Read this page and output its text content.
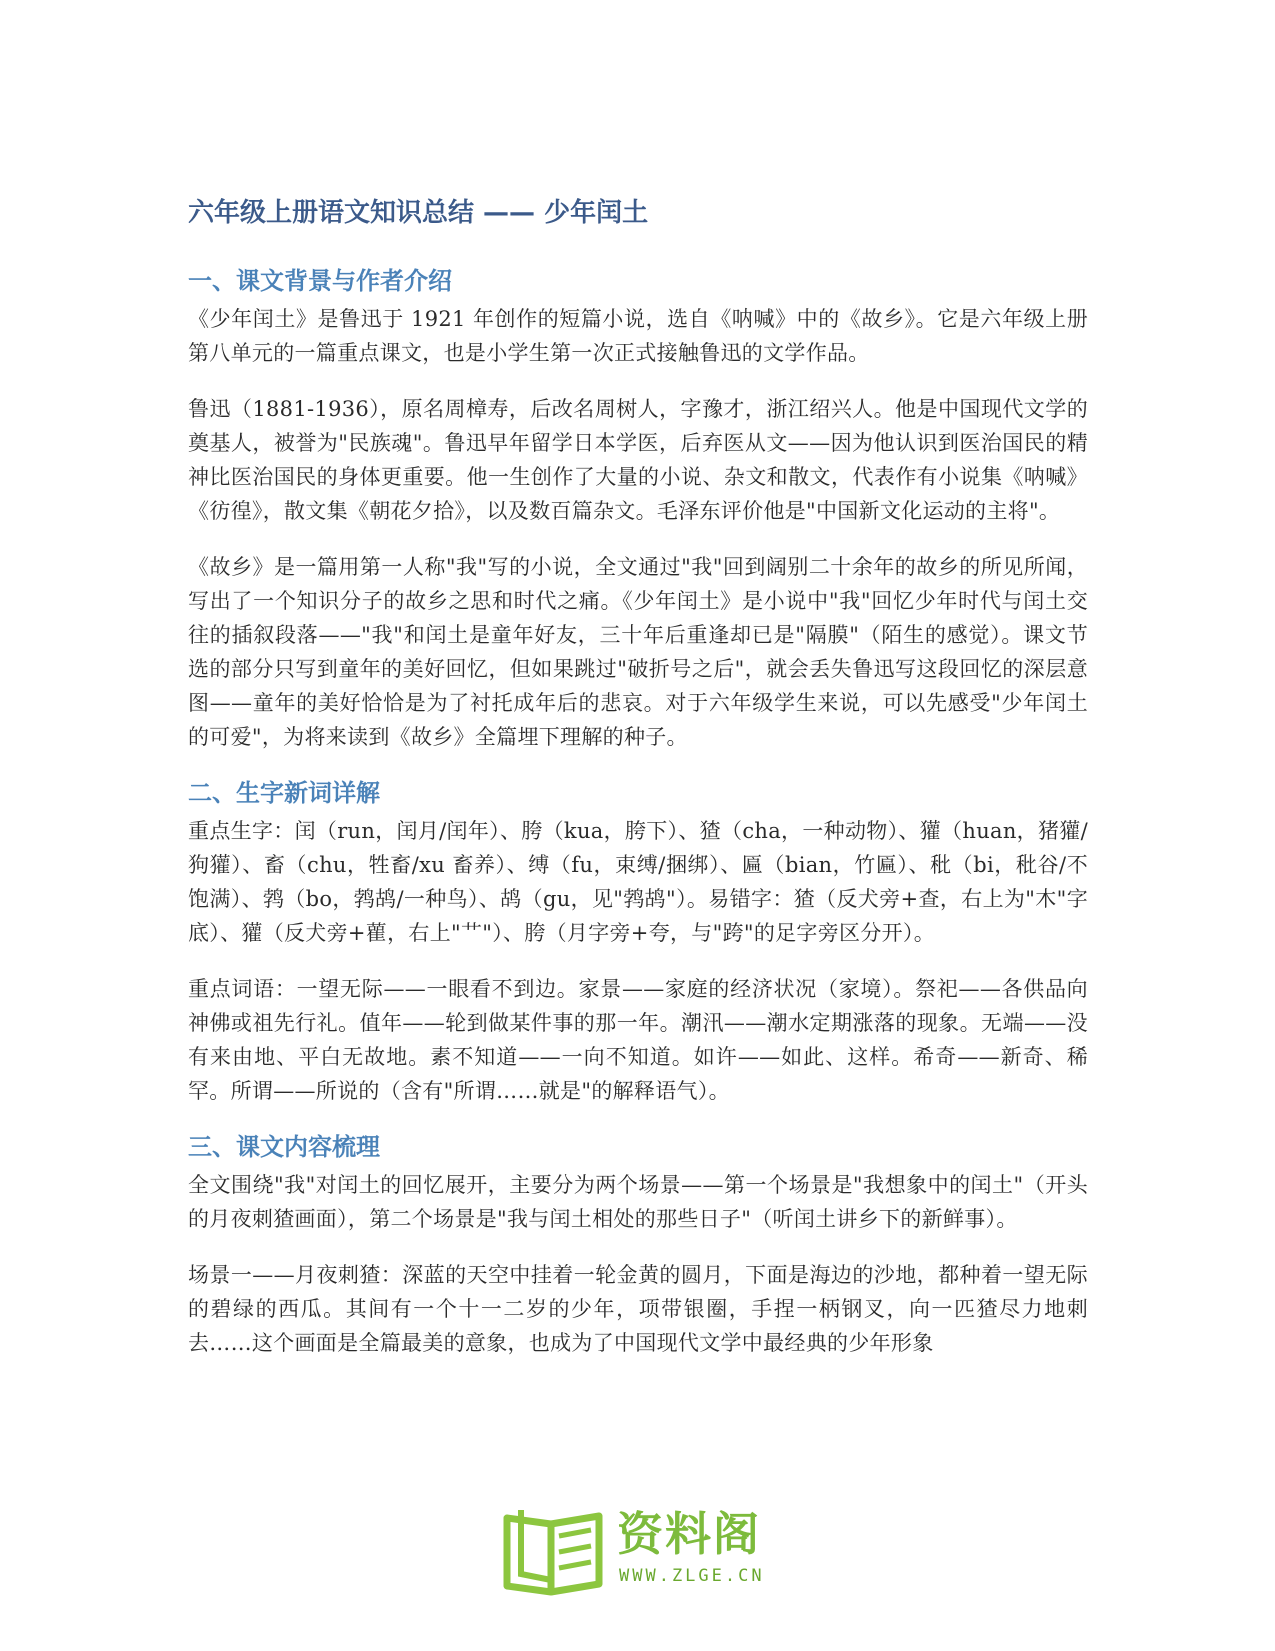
六年级上册语文知识总结 —— 少年闰土
一、课文背景与作者介绍

《少年闰土》是鲁迅于 1921 年创作的短篇小说，选自《呐喊》中的《故乡》。它是六年级上册第八单元的一篇重点课文，也是小学生第一次正式接触鲁迅的文学作品。

鲁迅（1881-1936），原名周樟寿，后改名周树人，字豫才，浙江绍兴人。他是中国现代文学的奠基人，被誉为"民族魂"。鲁迅早年留学日本学医，后弃医从文——因为他认识到医治国民的精神比医治国民的身体更重要。他一生创作了大量的小说、杂文和散文，代表作有小说集《呐喊》《彷徨》，散文集《朝花夕拾》，以及数百篇杂文。毛泽东评价他是"中国新文化运动的主将"。

《故乡》是一篇用第一人称"我"写的小说，全文通过"我"回到阔别二十余年的故乡的所见所闻，写出了一个知识分子的故乡之思和时代之痛。《少年闰土》是小说中"我"回忆少年时代与闰土交往的插叙段落——"我"和闰土是童年好友，三十年后重逢却已是"隔膜"（陌生的感觉）。课文节选的部分只写到童年的美好回忆，但如果跳过"破折号之后"，就会丢失鲁迅写这段回忆的深层意图——童年的美好恰恰是为了衬托成年后的悲哀。对于六年级学生来说，可以先感受"少年闰土的可爱"，为将来读到《故乡》全篇埋下理解的种子。

二、生字新词详解

重点生字：闰（run，闰月/闰年）、胯（kua，胯下）、猹（cha，一种动物）、獾（huan，猪獾/狗獾）、畜（chu，牲畜/xu 畜养）、缚（fu，束缚/捆绑）、匾（bian，竹匾）、秕（bi，秕谷/不饱满）、鹁（bo，鹁鸪/一种鸟）、鸪（gu，见"鹁鸪"）。易错字：猹（反犬旁+查，右上为"木"字底）、獾（反犬旁+雚，右上"艹"）、胯（月字旁+夸，与"跨"的足字旁区分开）。

重点词语：一望无际——一眼看不到边。家景——家庭的经济状况（家境）。祭祀——各供品向神佛或祖先行礼。值年——轮到做某件事的那一年。潮汛——潮水定期涨落的现象。无端——没有来由地、平白无故地。素不知道——一向不知道。如许——如此、这样。希奇——新奇、稀罕。所谓——所说的（含有"所谓……就是"的解释语气）。

三、课文内容梳理

全文围绕"我"对闰土的回忆展开，主要分为两个场景——第一个场景是"我想象中的闰土"（开头的月夜刺猹画面），第二个场景是"我与闰土相处的那些日子"（听闰土讲乡下的新鲜事）。

场景一——月夜刺猹：深蓝的天空中挂着一轮金黄的圆月，下面是海边的沙地，都种着一望无际的碧绿的西瓜。其间有一个十一二岁的少年，项带银圈，手捏一柄钢叉，向一匹猹尽力地刺去……这个画面是全篇最美的意象，也成为了中国现代文学中最经典的少年形象

资料阁
WWW.ZLGE.CN
